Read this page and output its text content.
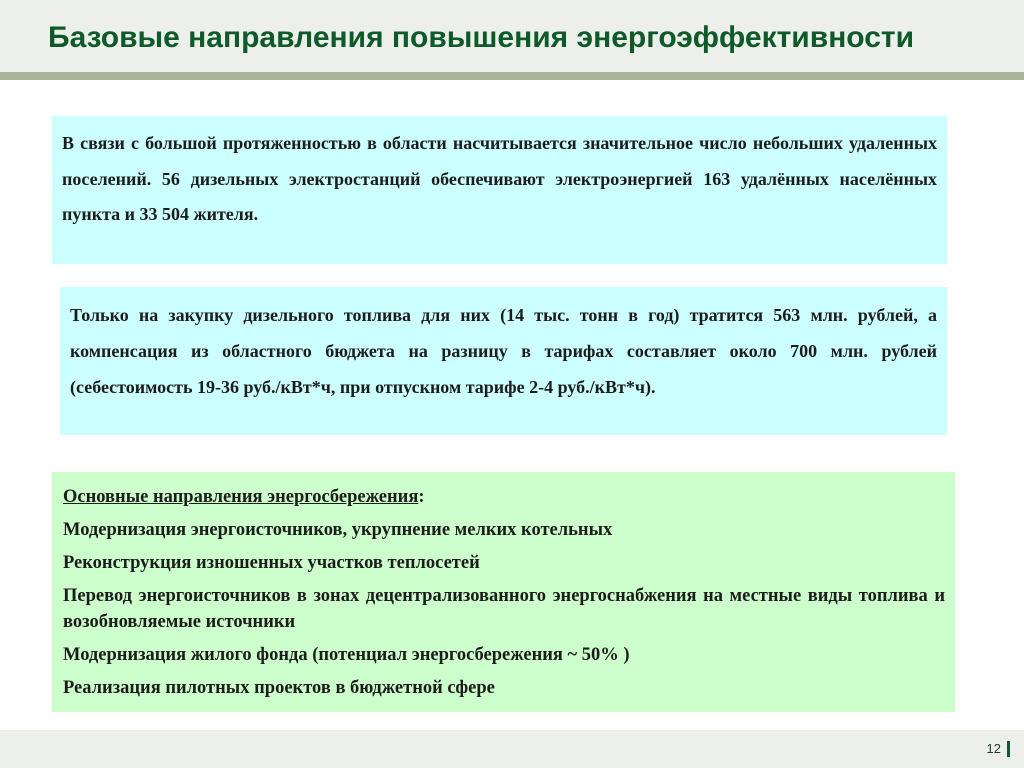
Базовые направления повышения энергоэффективности

В связи с большой протяженностью в области насчитывается значительное число небольших удаленных поселений. 56 дизельных электростанций обеспечивают электроэнергией 163 удалённых населённых пункта и 33 504 жителя.

Только на закупку дизельного топлива для них (14 тыс. тонн в год) тратится 563 млн. рублей, а компенсация из областного бюджета на разницу в тарифах составляет около 700 млн. рублей (себестоимость 19-36 руб./кВт*ч, при отпускном тарифе 2-4 руб./кВт*ч).

Основные направления энергосбережения:

Модернизация энергоисточников, укрупнение мелких котельных

Реконструкция изношенных участков теплосетей

Перевод энергоисточников в зонах децентрализованного энергоснабжения на местные виды топлива и возобновляемые источники

Модернизация жилого фонда (потенциал энергосбережения ~ 50% )

Реализация пилотных проектов в бюджетной сфере

12
